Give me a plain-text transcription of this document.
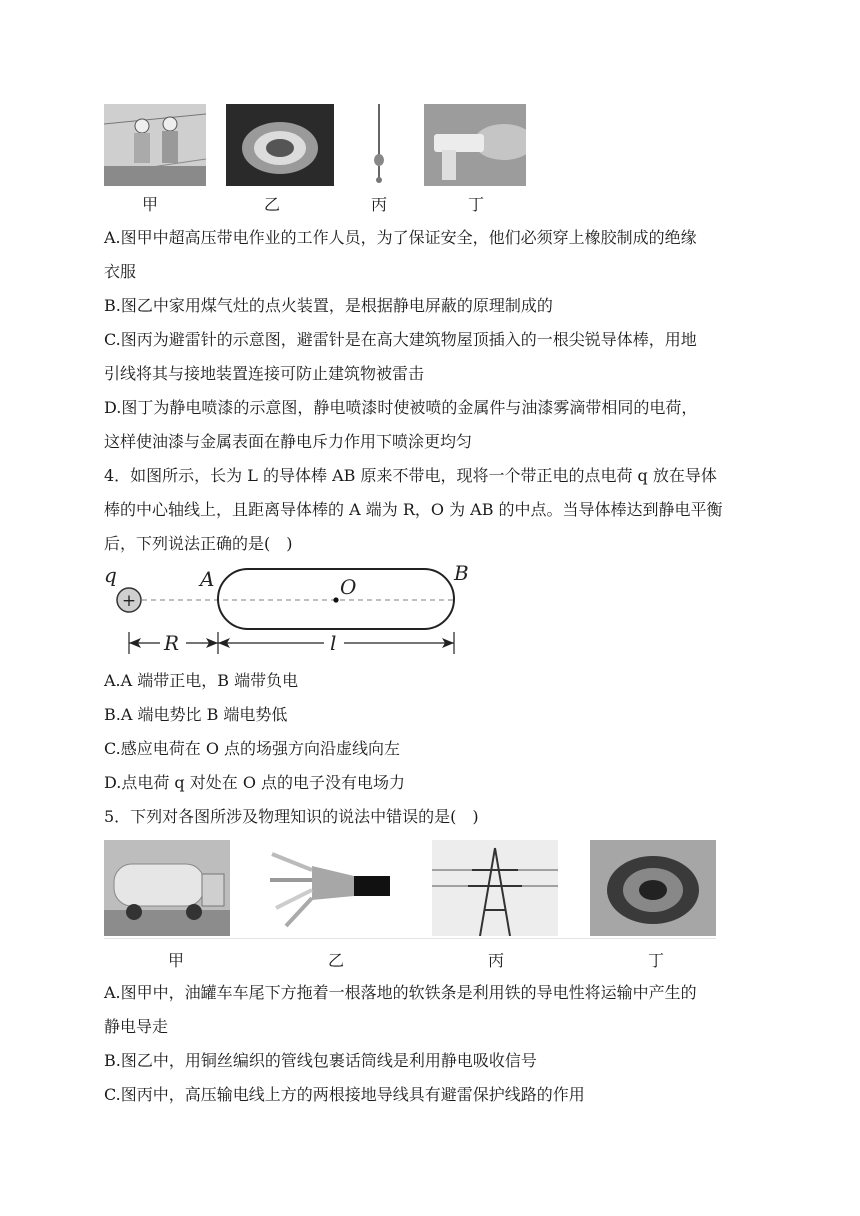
甲	乙	丙	丁
A.图甲中超高压带电作业的工作人员，为了保证安全，他们必须穿上橡胶制成的绝缘
衣服
B.图乙中家用煤气灶的点火装置，是根据静电屏蔽的原理制成的
C.图丙为避雷针的示意图，避雷针是在高大建筑物屋顶插入的一根尖锐导体棒，用地
引线将其与接地装置连接可防止建筑物被雷击
D.图丁为静电喷漆的示意图，静电喷漆时使被喷的金属件与油漆雾滴带相同的电荷，
这样使油漆与金属表面在静电斥力作用下喷涂更均匀
4．如图所示，长为 L 的导体棒 AB 原来不带电，现将一个带正电的点电荷 q 放在导体
棒的中心轴线上，且距离导体棒的 A 端为 R，O 为 AB 的中点。当导体棒达到静电平衡
后，下列说法正确的是(　)
q
+
A	O
B
R	l
A.A 端带正电，B 端带负电
B.A 端电势比 B 端电势低
C.感应电荷在 O 点的场强方向沿虚线向左
D.点电荷 q 对处在 O 点的电子没有电场力
5．下列对各图所涉及物理知识的说法中错误的是(　)
甲	乙	丙	丁
A.图甲中，油罐车车尾下方拖着一根落地的软铁条是利用铁的导电性将运输中产生的
静电导走
B.图乙中，用铜丝编织的管线包裹话筒线是利用静电吸收信号
C.图丙中，高压输电线上方的两根接地导线具有避雷保护线路的作用
